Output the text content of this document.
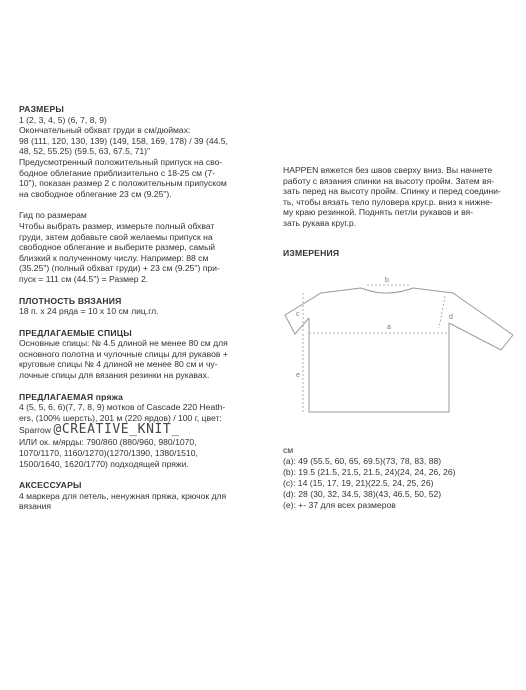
РАЗМЕРЫ

1 (2, 3, 4, 5) (6, 7, 8, 9)

Окончательный обхват груди в см/дюймах:

98 (111, 120, 130, 139) (149, 158, 169, 178) / 39 (44.5,

48, 52, 55.25) (59.5, 63, 67.5, 71)"

Предусмотренный положительный припуск на сво-

бодное облегание приблизительно с 18-25 см (7-

10"), показан размер 2 с положительным припуском

на свободное облегание 23 см (9.25").

Гид по размерам

Чтобы выбрать размер, измерьте полный обхват

груди, затем добавьте свой желаемы припуск на

свободное облегание и выберите размер, самый

близкий к полученному числу. Например: 88 см

(35.25") (полный обхват груди) + 23 см (9.25") при-

пуск = 111 см (44.5") = Размер 2.

ПЛОТНОСТЬ ВЯЗАНИЯ

18 п. х 24 ряда = 10 х 10 см лиц.гл.

ПРЕДЛАГАЕМЫЕ СПИЦЫ

Основные спицы: № 4.5 длиной не менее 80 см для

основного полотна и чулочные спицы для рукавов +

круговые спицы № 4 длиной не менее 80 см и чу-

лочные спицы для вязания резинки на рукавах.

ПРЕДЛАГАЕМАЯ пряжа

4 (5, 5, 6, 6)(7, 7, 8, 9) мотков of Cascade 220 Heath-

ers, (100% шерсть), 201 м (220 ярдов) / 100 г, цвет:

Sparrow @CREATIVE_KNIT_

ИЛИ ок. м/ярды: 790/860 (880/960, 980/1070,

1070/1170, 1160/1270)(1270/1390, 1380/1510,

1500/1640, 1620/1770) подходящей пряжи.

АКСЕССУАРЫ

4 маркера для петель, ненужная пряжа, крючок для

вязания

HAPPEN вяжется без швов сверху вниз. Вы начнете

работу с вязания спинки на высоту пройм. Затем вя-

зать перед на высоту пройм. Спинку и перед соедини-

ть, чтобы вязать тело пуловера круг.р. вниз к нижне-

му краю резинкой. Поднять петли рукавов и вя-

зать рукава круг.р.

ИЗМЕРЕНИЯ

b
c
a
e
d

см

(а): 49 (55.5, 60, 65, 69.5)(73, 78, 83, 88)

(b): 19.5 (21.5, 21.5, 21.5, 24)(24, 24, 26, 26)

(c): 14 (15, 17, 19, 21)(22.5, 24, 25, 26)

(d): 28 (30, 32, 34.5, 38)(43, 46.5, 50, 52)

(e): +- 37 для всех размеров
